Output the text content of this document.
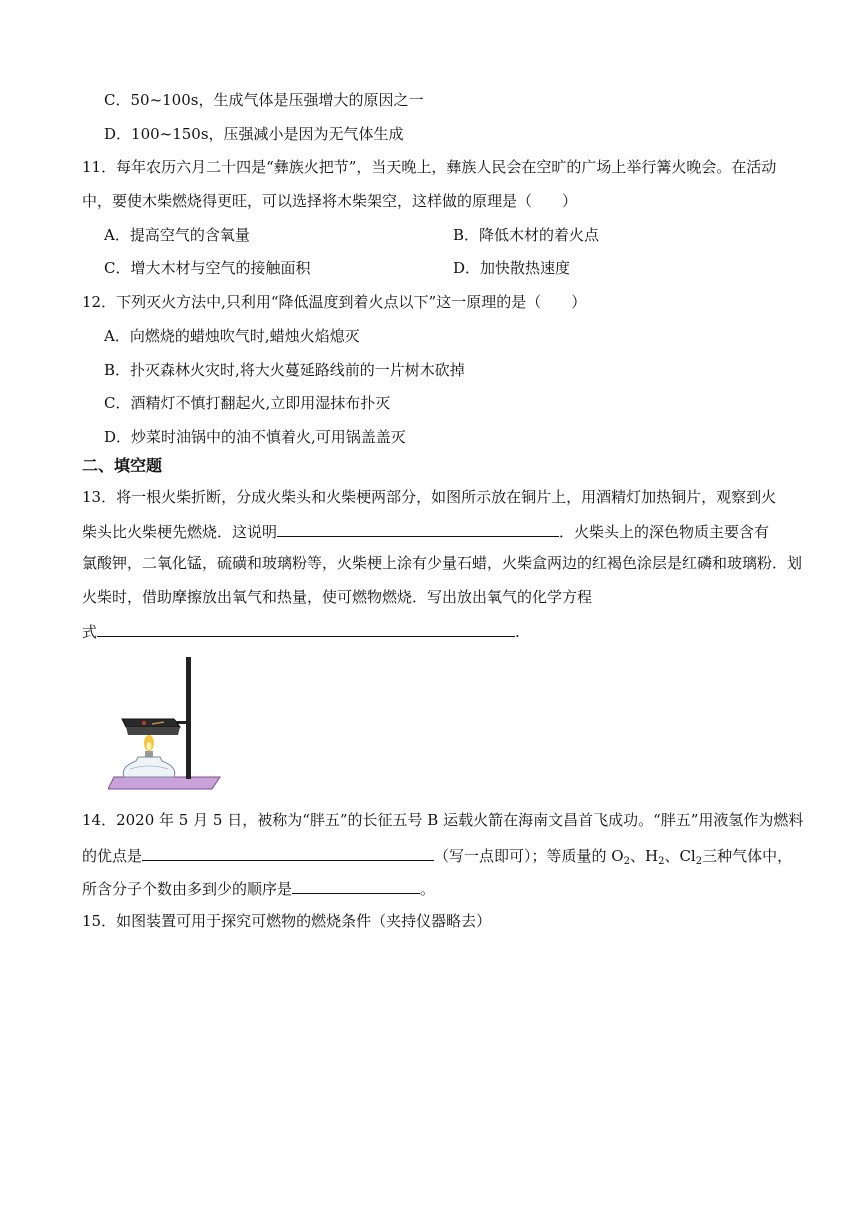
C．50~100s，生成气体是压强增大的原因之一
D．100~150s，压强减小是因为无气体生成
11．每年农历六月二十四是“彝族火把节”，当天晚上，彝族人民会在空旷的广场上举行篝火晚会。在活动
中，要使木柴燃烧得更旺，可以选择将木柴架空，这样做的原理是（　　）
A．提高空气的含氧量	B．降低木材的着火点
C．增大木材与空气的接触面积	D．加快散热速度
12．下列灭火方法中,只利用“降低温度到着火点以下”这一原理的是（　　）
A．向燃烧的蜡烛吹气时,蜡烛火焰熄灭
B．扑灭森林火灾时,将大火蔓延路线前的一片树木砍掉
C．酒精灯不慎打翻起火,立即用湿抹布扑灭
D．炒菜时油锅中的油不慎着火,可用锅盖盖灭
二、填空题
13．将一根火柴折断，分成火柴头和火柴梗两部分，如图所示放在铜片上，用酒精灯加热铜片，观察到火
柴头比火柴梗先燃烧．这说明	．火柴头上的深色物质主要含有
氯酸钾，二氧化锰，硫磺和玻璃粉等，火柴梗上涂有少量石蜡，火柴盒两边的红褐色涂层是红磷和玻璃粉．划
火柴时，借助摩擦放出氧气和热量，使可燃物燃烧．写出放出氧气的化学方程
式	.
14．2020 年 5 月 5 日，被称为“胖五”的长征五号 B 运载火箭在海南文昌首飞成功。“胖五”用液氢作为燃料
的优点是	（写一点即可）；等质量的 $O_2$、$H_2$、$Cl_2$三种气体中，
所含分子个数由多到少的顺序是	。
15．如图装置可用于探究可燃物的燃烧条件（夹持仪器略去）
